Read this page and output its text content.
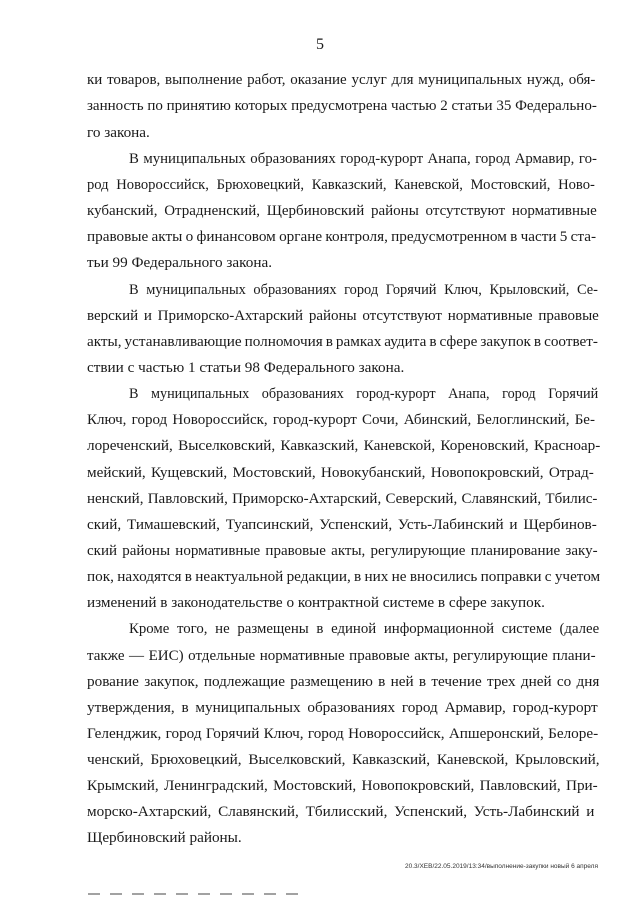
5
ки товаров, выполнение работ, оказание услуг для муниципальных нужд, обя-
занность по принятию которых предусмотрена частью 2 статьи 35 Федерально-
го закона.
В муниципальных образованиях город-курорт Анапа, город Армавир, го-
род Новороссийск, Брюховецкий, Кавказский, Каневской, Мостовский, Ново-
кубанский, Отрадненский, Щербиновский районы отсутствуют нормативные
правовые акты о финансовом органе контроля, предусмотренном в части 5 ста-
тьи 99 Федерального закона.
В муниципальных образованиях город Горячий Ключ, Крыловский, Се-
верский и Приморско-Ахтарский районы отсутствуют нормативные правовые
акты, устанавливающие полномочия в рамках аудита в сфере закупок в соответ-
ствии с частью 1 статьи 98 Федерального закона.
В муниципальных образованиях город-курорт Анапа, город Горячий
Ключ, город Новороссийск, город-курорт Сочи, Абинский, Белоглинский, Бе-
лореченский, Выселковский, Кавказский, Каневской, Кореновский, Красноар-
мейский, Кущевский, Мостовский, Новокубанский, Новопокровский, Отрад-
ненский, Павловский, Приморско-Ахтарский, Северский, Славянский, Тбилис-
ский, Тимашевский, Туапсинский, Успенский, Усть-Лабинский и Щербинов-
ский районы нормативные правовые акты, регулирующие планирование заку-
пок, находятся в неактуальной редакции, в них не вносились поправки с учетом
изменений в законодательстве о контрактной системе в сфере закупок.
Кроме того, не размещены в единой информационной системе (далее
также — ЕИС) отдельные нормативные правовые акты, регулирующие плани-
рование закупок, подлежащие размещению в ней в течение трех дней со дня
утверждения, в муниципальных образованиях город Армавир, город-курорт
Геленджик, город Горячий Ключ, город Новороссийск, Апшеронский, Белоре-
ченский, Брюховецкий, Выселковский, Кавказский, Каневской, Крыловский,
Крымский, Ленинградский, Мостовский, Новопокровский, Павловский, При-
морско-Ахтарский, Славянский, Тбилисский, Успенский, Усть-Лабинский и
Щербиновский районы.
20.3/ХЕВ/22.05.2019/13:34/выполнение-закупки новый 6 апреля
